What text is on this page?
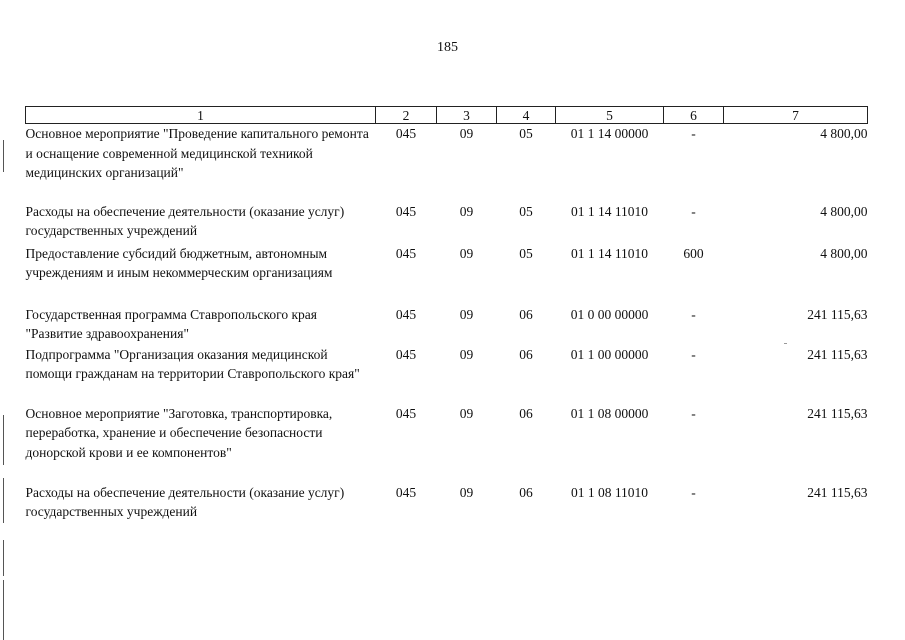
185
1	2	3	4	5	6	7
Основное мероприятие "Проведение капитального ремонта и оснащение современной медицинской техникой медицинских организаций"	045	09	05	01 1 14 00000	-	4 800,00
Расходы на обеспечение деятельности (оказание услуг) государственных учреждений	045	09	05	01 1 14 11010	-	4 800,00
Предоставление субсидий бюджетным, автономным учреждениям и иным некоммерческим организациям	045	09	05	01 1 14 11010	600	4 800,00
Государственная программа Ставропольского края "Развитие здравоохранения"	045	09	06	01 0 00 00000	-	241 115,63
Подпрограмма "Организация оказания медицинской помощи гражданам на территории Ставропольского края"	045	09	06	01 1 00 00000	-	241 115,63
Основное мероприятие "Заготовка, транспортировка, переработка, хранение и обеспечение безопасности донорской крови и ее компонентов"	045	09	06	01 1 08 00000	-	241 115,63
Расходы на обеспечение деятельности (оказание услуг) государственных учреждений	045	09	06	01 1 08 11010	-	241 115,63
